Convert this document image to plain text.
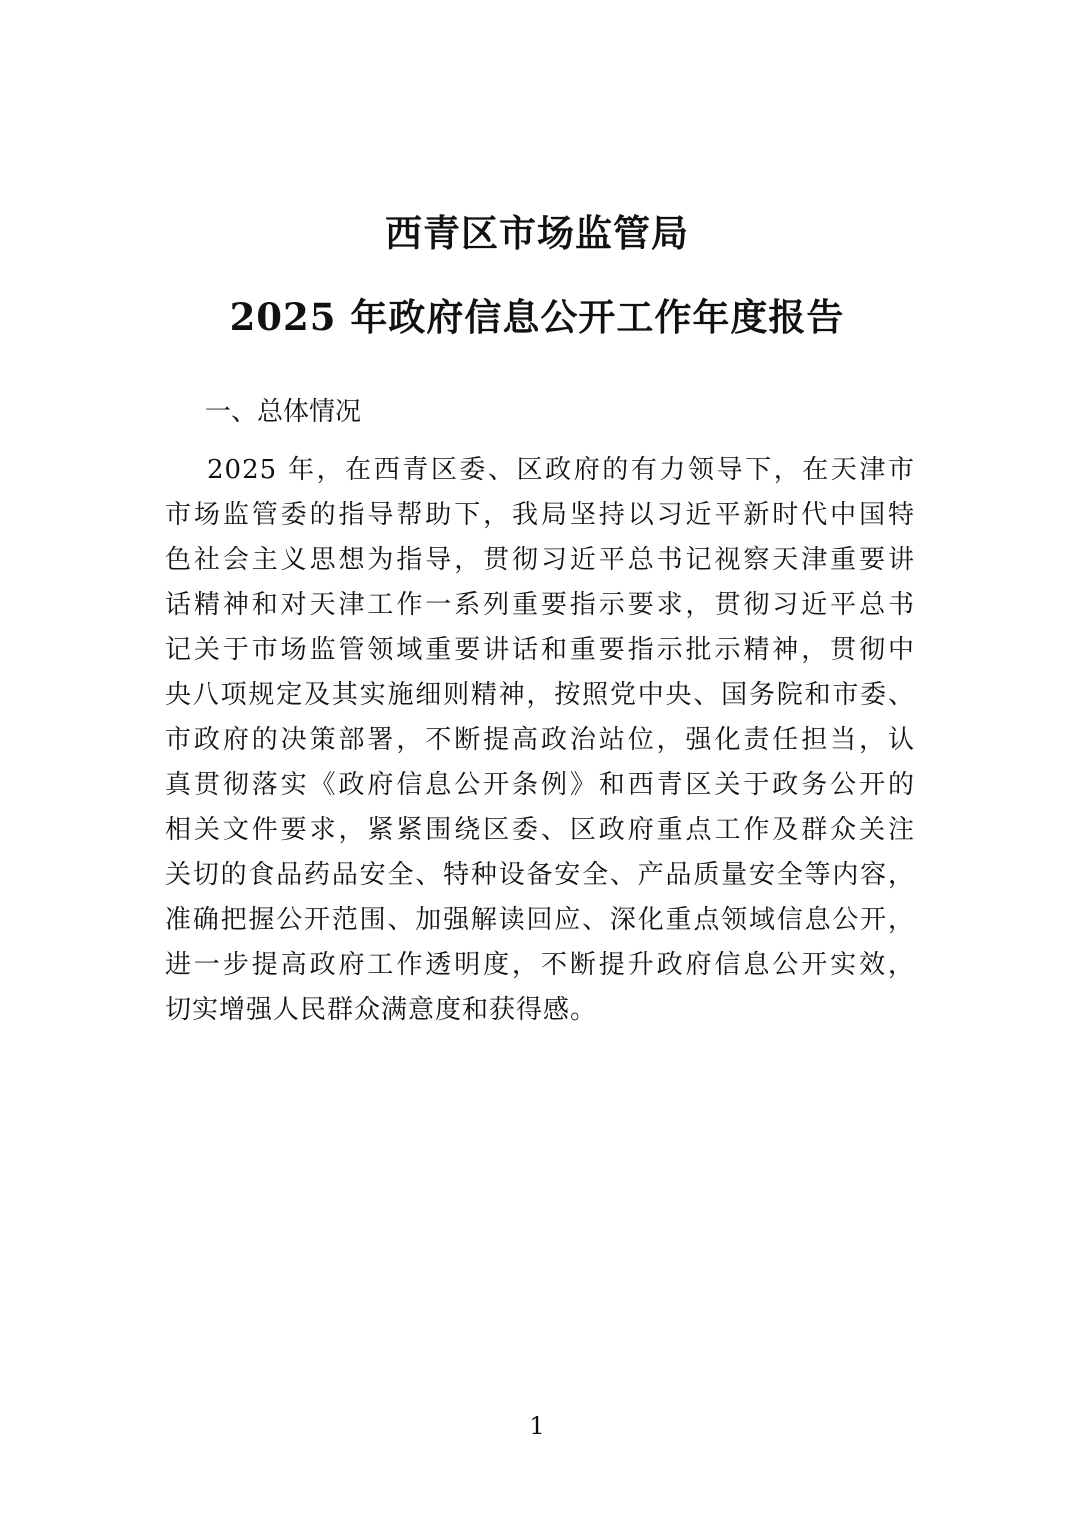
西青区市场监管局
2025 年政府信息公开工作年度报告
一、总体情况
2025 年，在西青区委、区政府的有力领导下，在天津市
市场监管委的指导帮助下，我局坚持以习近平新时代中国特
色社会主义思想为指导，贯彻习近平总书记视察天津重要讲
话精神和对天津工作一系列重要指示要求，贯彻习近平总书
记关于市场监管领域重要讲话和重要指示批示精神，贯彻中
央八项规定及其实施细则精神，按照党中央、国务院和市委、
市政府的决策部署，不断提高政治站位，强化责任担当，认
真贯彻落实《政府信息公开条例》和西青区关于政务公开的
相关文件要求，紧紧围绕区委、区政府重点工作及群众关注
关切的食品药品安全、特种设备安全、产品质量安全等内容，
准确把握公开范围、加强解读回应、深化重点领域信息公开，
进一步提高政府工作透明度，不断提升政府信息公开实效，
切实增强人民群众满意度和获得感。
1
